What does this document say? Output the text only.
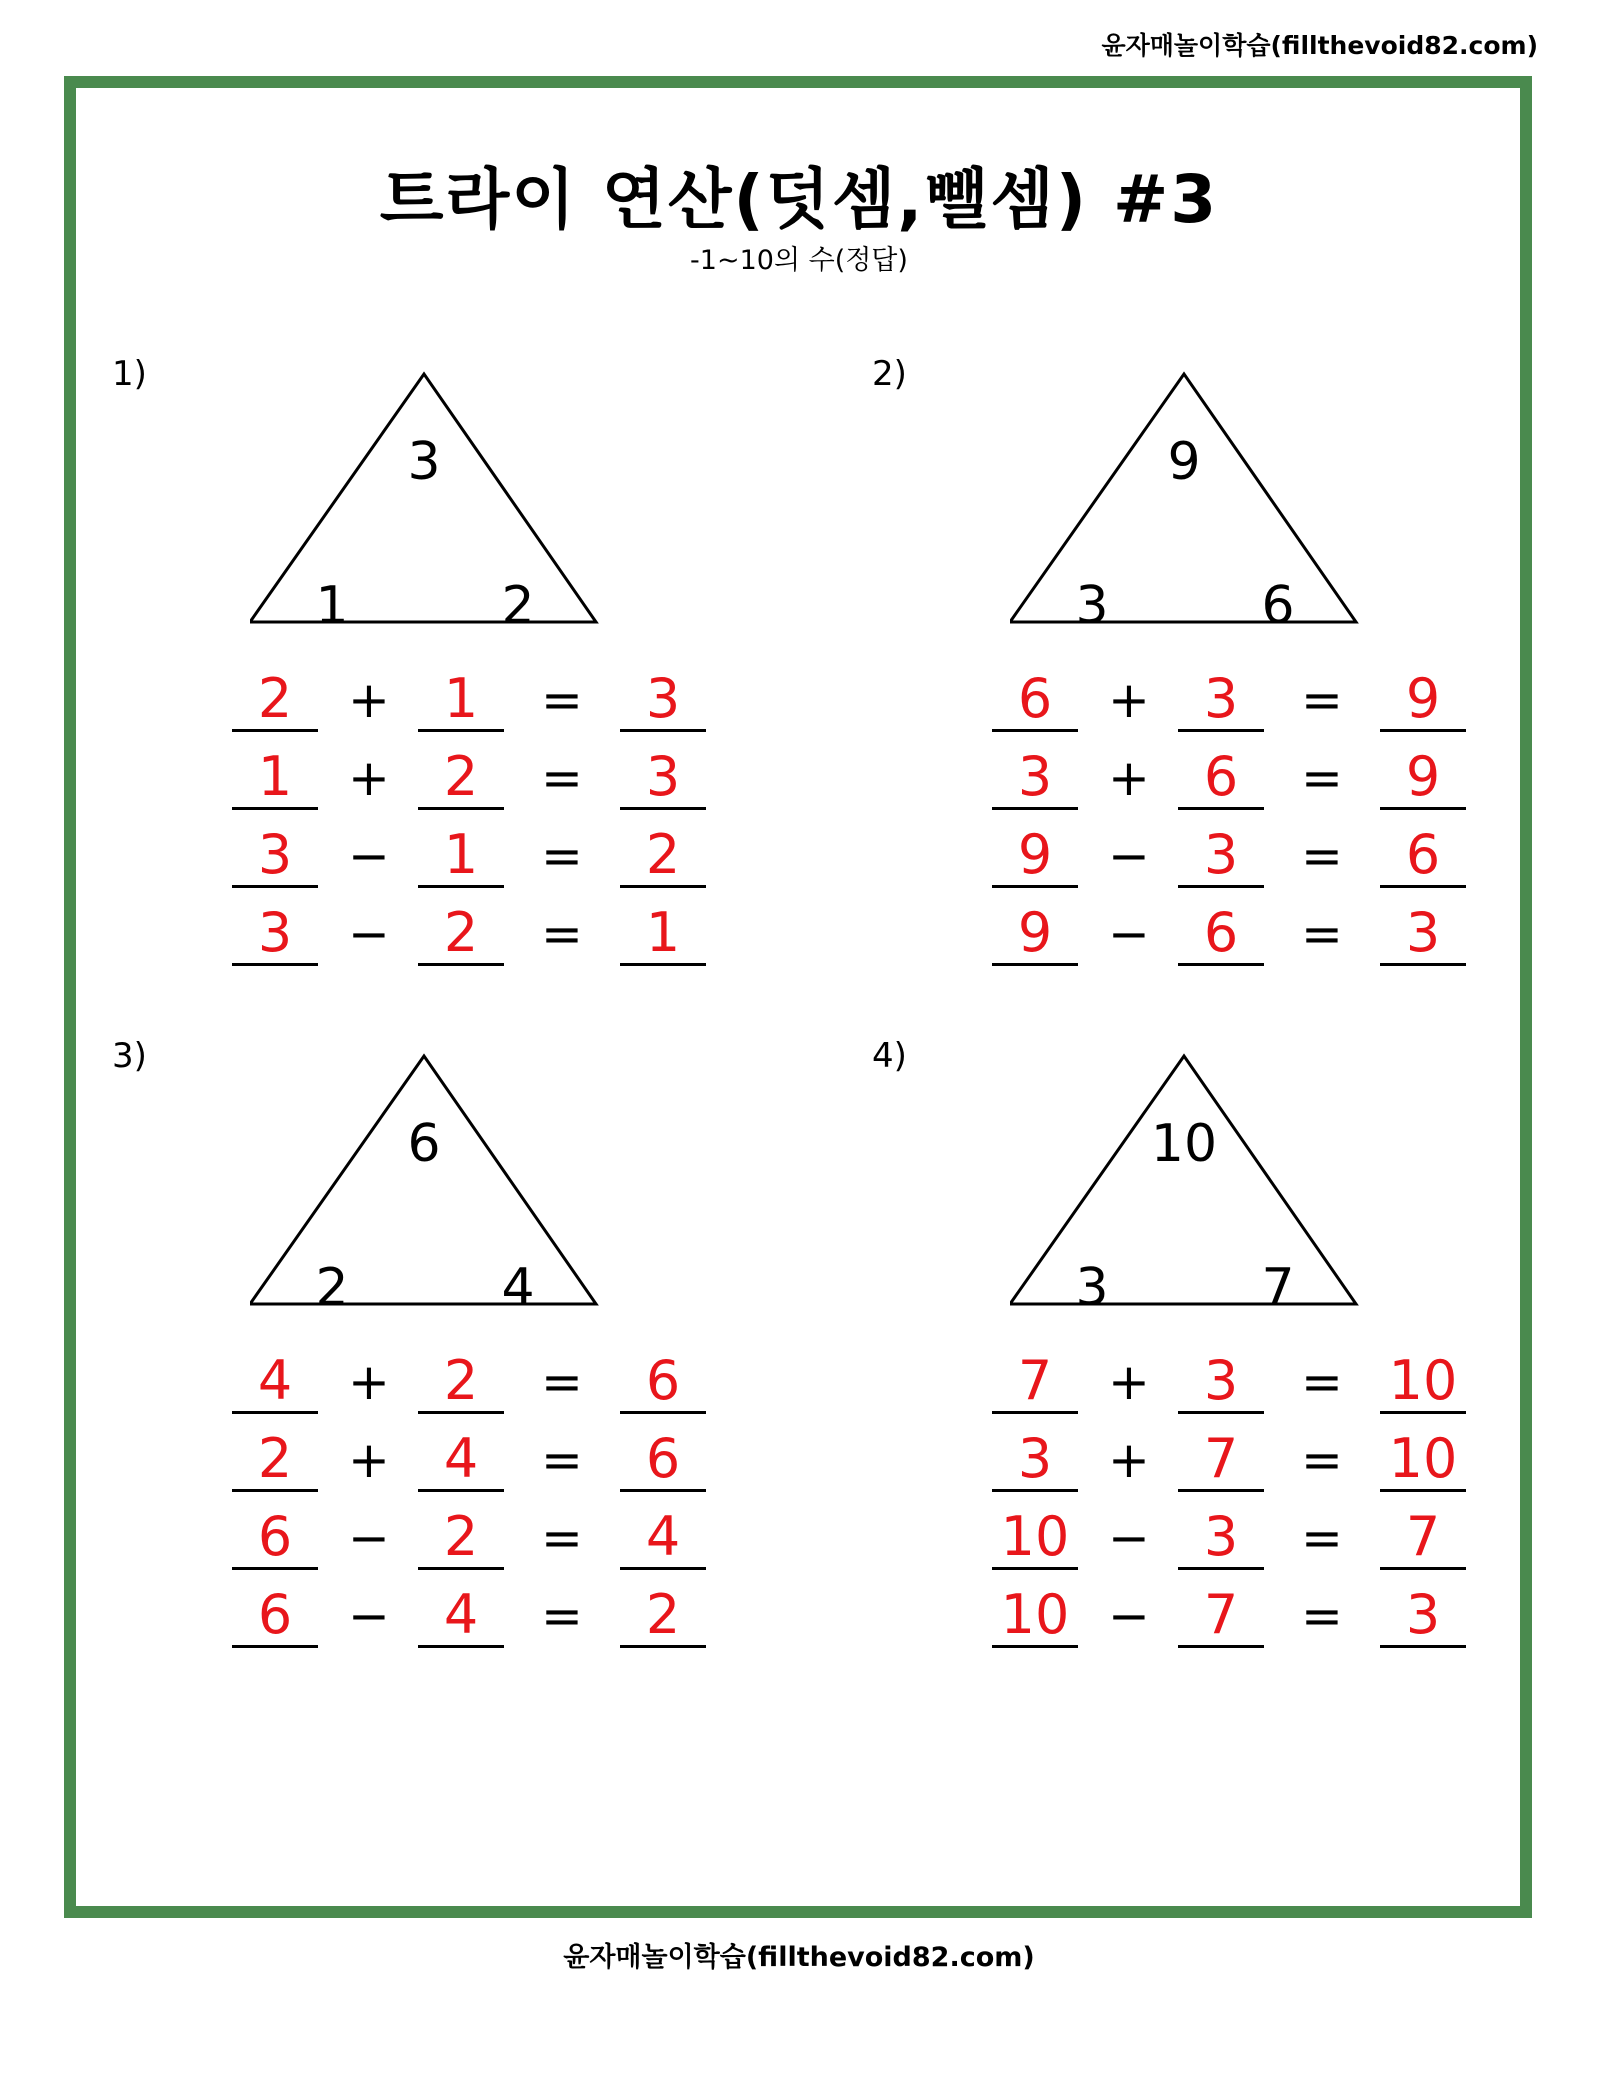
윤자매놀이학습(fillthevoid82.com)
트라이 연산(덧셈,뺄셈) #3
-1~10의 수(정답)
1)
3
1	2
2	+ 1	=	3
1	+ 2	=	3
3	− 1	=	2
3	− 2	=	1
2)
9
3	6
6	+ 3	=	9
3	+ 6	=	9
9	− 3	=	6
9	− 6	=	3
3)
6
2	4
4	+ 2	=	6
2	+ 4	=	6
6	− 2	=	4
6	− 4	=	2
4)
10
3	7
7	+ 3	= 10
3	+ 7	= 10
10 − 3	=	7
10 − 7	=	3
윤자매놀이학습(fillthevoid82.com)
